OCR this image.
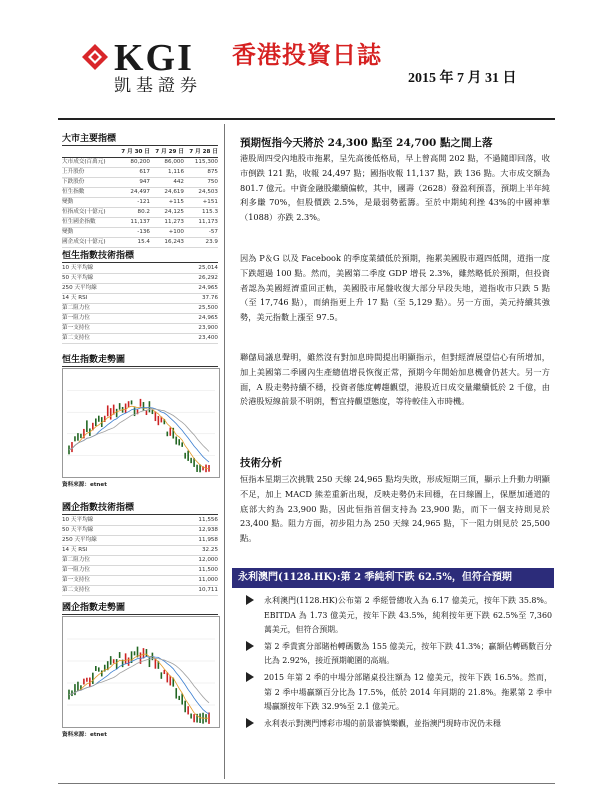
KGI
凱基證券
香港投資日誌
2015 年 7 月 31 日
大市主要指標
7 月 30 日 7 月 29 日 7 月 28 日
大市成交(百萬元)	80,200	86,000	115,300
上升股份	617	1,116	875
下跌股份	947	442	750
恒生指數	24,497	24,619	24,503
變動	-121	+115	+151
恒指成交(十億元)	80.2	24,125	115.3
恒生國企指數	11,137	11,273	11,173
變動	-136	+100	-57
國企成交(十億元)	15.4	16,243	23.9
恒生指數技術指標
10 天平均線	25,014
50 天平均線	26,292
250 天平均線	24,965
14 天 RSI	37.76
第二阻力位	25,500
第一阻力位	24,965
第一支持位	23,900
第二支持位	23,400
恒生指數走勢圖
資料來源：etnet
國企指數技術指標
10 天平均線	11,556
50 天平均線	12,938
250 天平均線	11,958
14 天 RSI	32.25
第二阻力位	12,000
第一阻力位	11,500
第一支持位	11,000
第二支持位	10,711
國企指數走勢圖
資料來源：etnet
預期恆指今天將於 24,300 點至 24,700 點之間上落
港股周四受內地股市拖累，呈先高後低格局，早上曾高開 202 點，不過隨即回落，收市倒跌 121 點，收報 24,497 點；國指收報 11,137 點，跌 136 點。大市成交額為 801.7 億元。中資金融股繼續偏軟，其中，國壽（2628）發盈利預喜，預期上半年純利多賺 70%，但股價跌 2.5%，是最弱勢藍籌。至於中期純利挫 43%的中國神華（1088）亦跌 2.3%。
因為 P＆G 以及 Facebook 的季度業績低於預期，拖累美國股市週四低開，道指一度下跌超過 100 點。然而，美國第二季度 GDP 增長 2.3%，雖然略低於預期，但投資者認為美國經濟重回正軌，美國股市尾盤收復大部分早段失地，道指收市只跌 5 點（至 17,746 點），而納指更上升 17 點（至 5,129 點）。另一方面，美元持續其強勢，美元指數上漲至 97.5。
聯儲局議息聲明，雖然沒有對加息時間提出明顯指示，但對經濟展望信心有所增加，加上美國第二季國內生產總值增長恢復正常，預期今年開始加息機會仍甚大。另一方面，A 股走勢持續不穩，投資者態度轉趨觀望，港股近日成交量繼續低於 2 千億，由於港股短線前景不明朗，暫宜持觀望態度，等待較佳入市時機。
技術分析
恒指本星期三次挑戰 250 天線 24,965 點均失敗，形成短期三頂，顯示上升動力明顯不足，加上 MACD 熊差重新出現，反映走勢仍未回穩，在日線圖上，保歷加通道的底部大約為 23,900 點，因此恒指首個支持為 23,900 點，而下一個支持則見於 23,400 點。阻力方面，初步阻力為 250 天線 24,965 點，下一阻力則見於 25,500 點。
永利澳門(1128.HK):第 2 季純利下跌 62.5%，但符合預期
永利澳門(1128.HK)公布第 2 季經營總收入為 6.17 億美元，按年下跌 35.8%。EBITDA 為 1.73 億美元，按年下跌 43.5%，純利按年更下跌 62.5%至 7,360 萬美元，但符合預期。
第 2 季貴賓分部賭枱轉碼數為 155 億美元，按年下跌 41.3%；贏額佔轉碼數百分比為 2.92%，接近預期範圍的高端。
2015 年第 2 季的中場分部賭桌投注額為 12 億美元，按年下跌 16.5%。然而，第 2 季中場贏額百分比為 17.5%，低於 2014 年同期的 21.8%。拖累第 2 季中場贏額按年下跌 32.9%至 2.1 億美元。
永利表示對澳門博彩市場的前景審慎樂觀，並指澳門現時市況仍未穩
